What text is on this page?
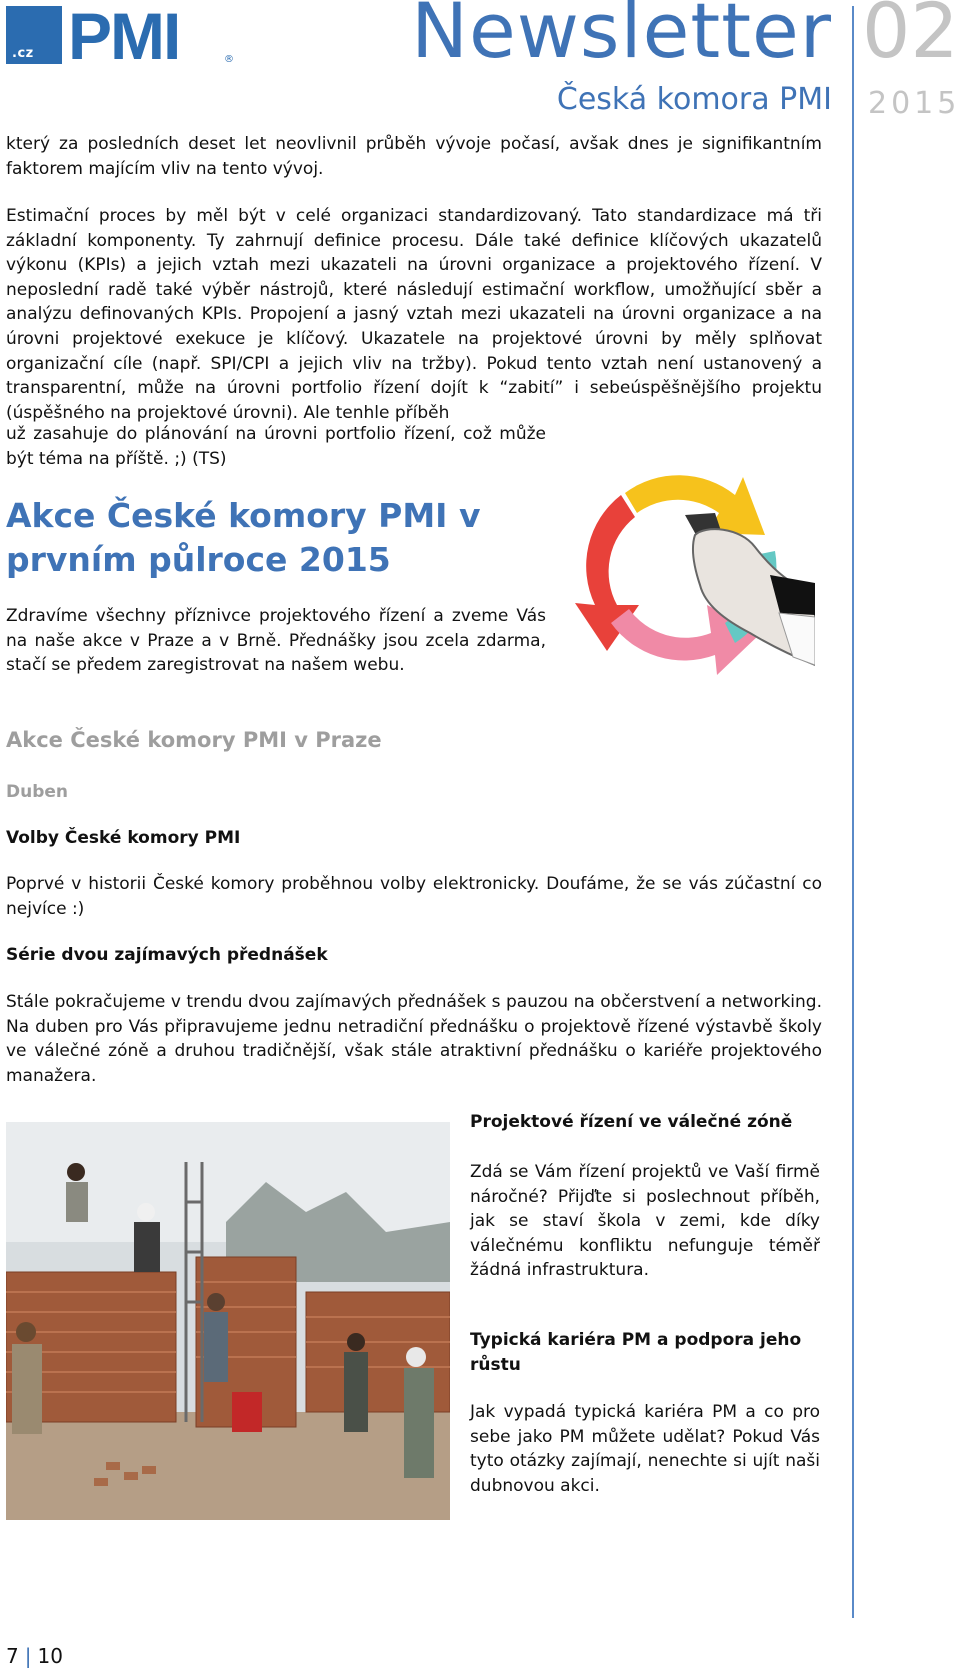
.cz PMI	® Newsletter
Česká komora PMI
02
2015

který za posledních deset let neovlivnil průběh vývoje počasí, avšak dnes je signifikantním faktorem majícím vliv na tento vývoj.

Estimační proces by měl být v celé organizaci standardizovaný. Tato standardizace má tři základní komponenty. Ty zahrnují definice procesu. Dále také definice klíčových ukazatelů výkonu (KPIs) a jejich vztah mezi ukazateli na úrovni organizace a projektového řízení. V neposlední radě také výběr nástrojů, které následují estimační workflow, umožňující sběr a analýzu definovaných KPIs. Propojení a jasný vztah mezi ukazateli na úrovni organizace a na úrovni projektové exekuce je klíčový. Ukazatele na projektové úrovni by měly splňovat organizační cíle (např. SPI/CPI a jejich vliv na tržby). Pokud tento vztah není ustanovený a transparentní, může na úrovni portfolio řízení dojít k “zabití” i sebeúspěšnějšího projektu (úspěšného na projektové úrovni). Ale tenhle příběh

už zasahuje do plánování na úrovni portfolio řízení, což může být téma na příště. ;) (TS)

Akce České komory PMI v prvním půlroce 2015

Zdravíme všechny příznivce projektového řízení a zveme Vás na naše akce v Praze a v Brně. Přednášky jsou zcela zdarma, stačí se předem zaregistrovat na našem webu.

Akce České komory PMI v Praze
Duben
Volby České komory PMI

Poprvé v historii České komory proběhnou volby elektronicky. Doufáme, že se vás zúčastní co nejvíce :)

Série dvou zajímavých přednášek

Stále pokračujeme v trendu dvou zajímavých přednášek s pauzou na občerstvení a networking. Na duben pro Vás připravujeme jednu netradiční přednášku o projektově řízené výstavbě školy ve válečné zóně a druhou tradičnější, však stále atraktivní přednášku o kariéře projektového manažera.

Projektové řízení ve válečné zóně

Zdá se Vám řízení projektů ve Vaší firmě náročné? Přijďte si poslechnout příběh, jak se staví škola v zemi, kde díky válečnému konfliktu nefunguje téměř žádná infrastruktura.

Typická kariéra PM a podpora jeho růstu

Jak vypadá typická kariéra PM a co pro sebe jako PM můžete udělat? Pokud Vás tyto otázky zajímají, nenechte si ujít naši dubnovou akci.

7 | 10
